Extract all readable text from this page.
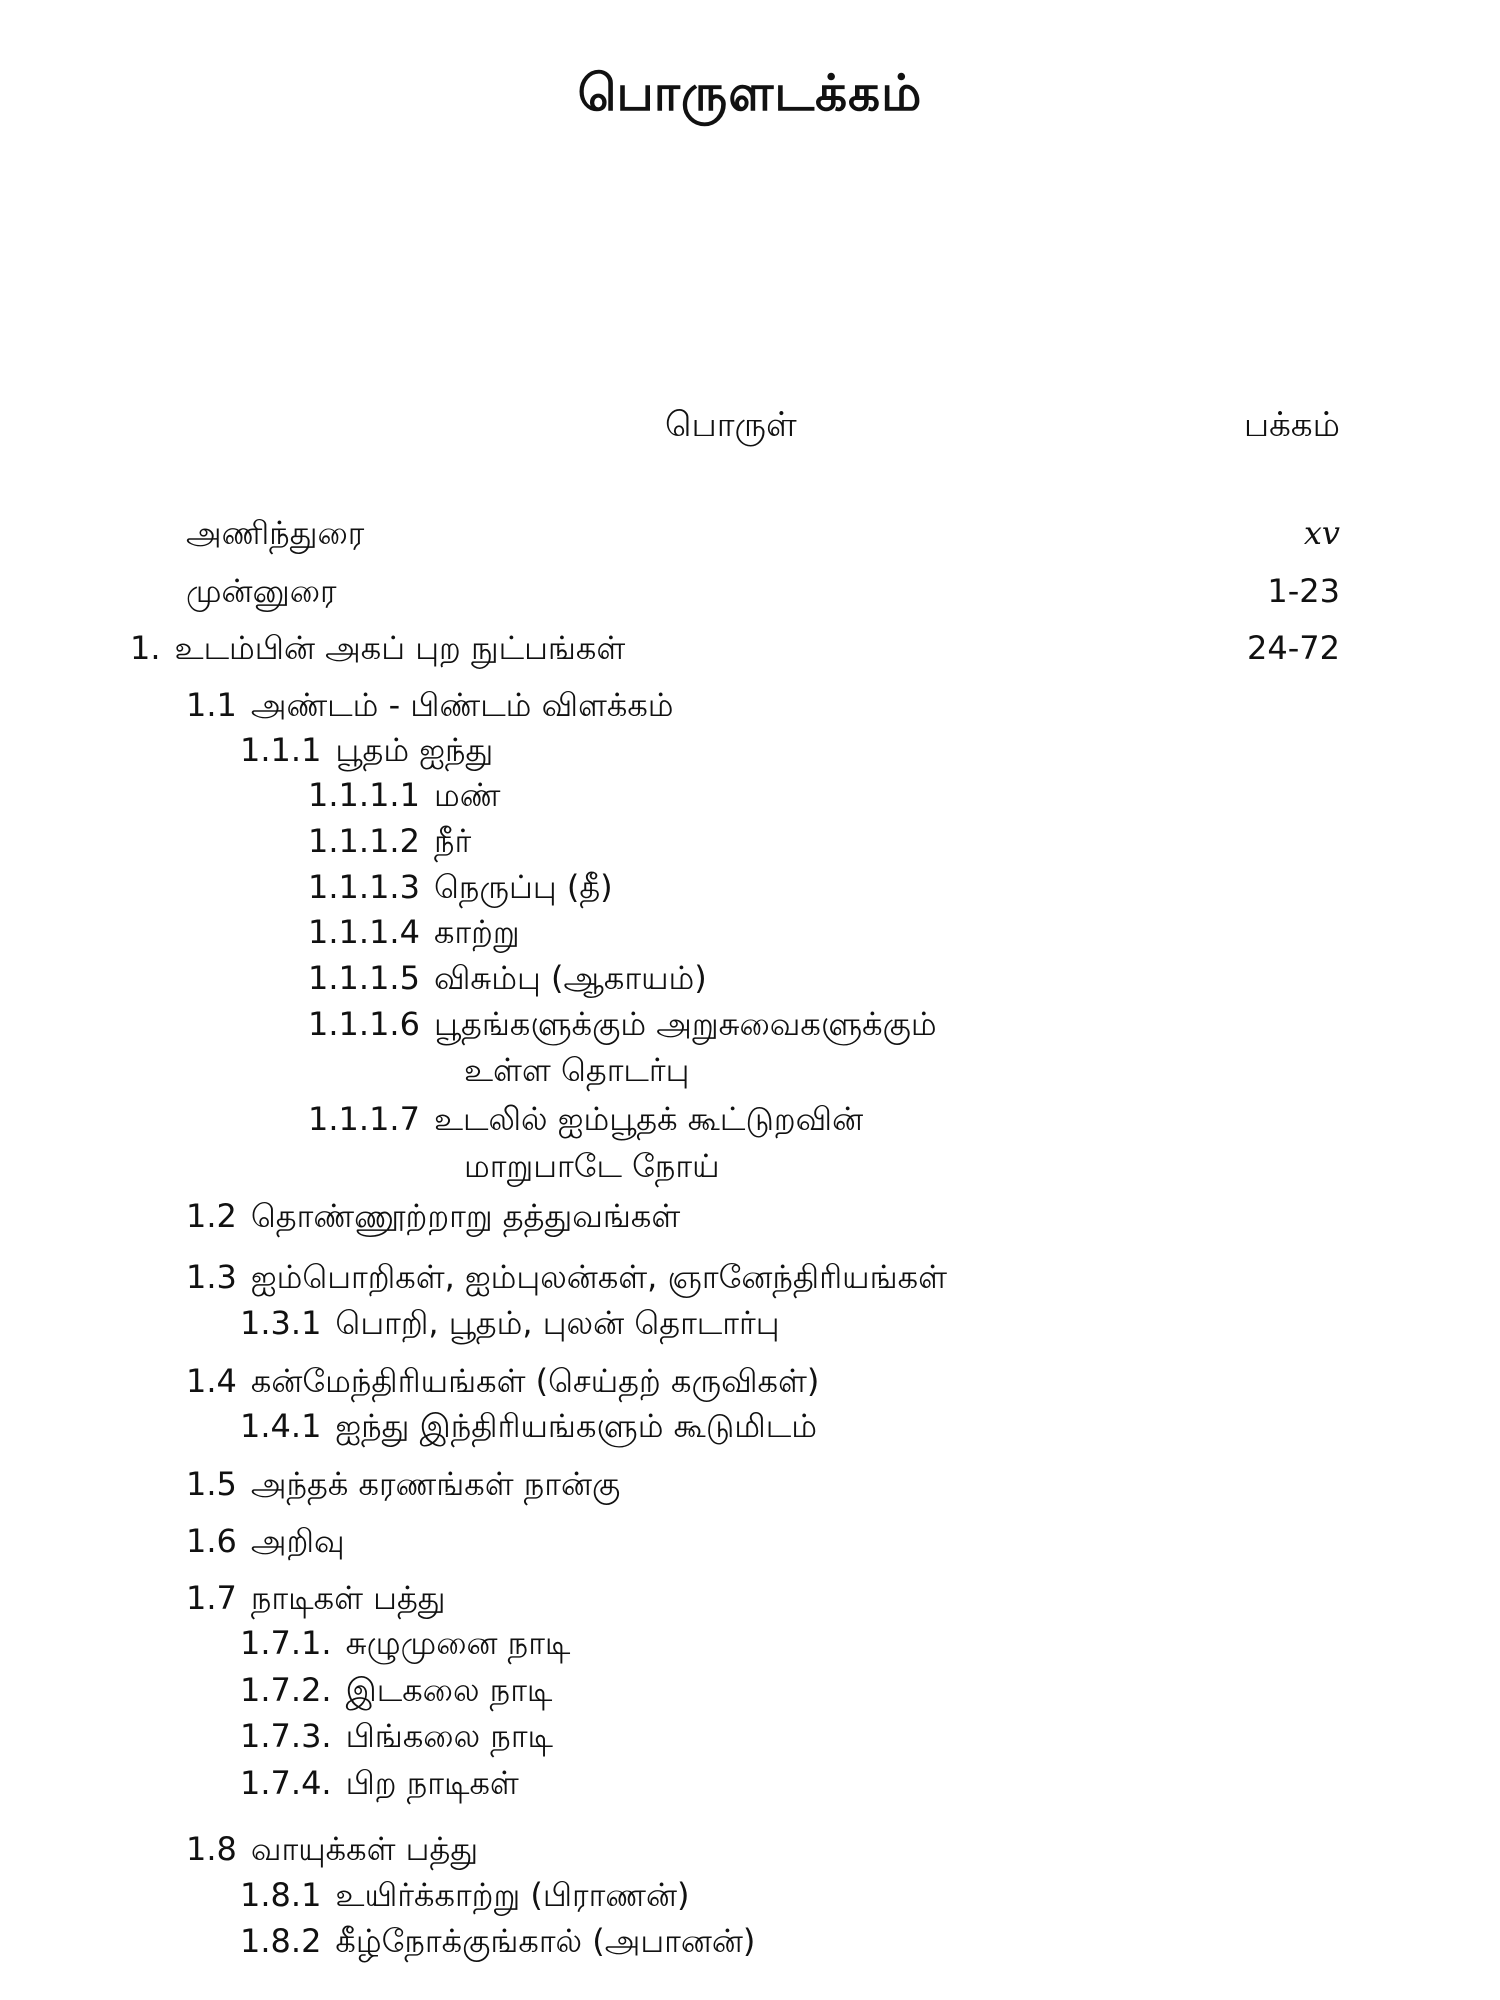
பொருளடக்கம்
பொருள்	பக்கம்
அணிந்துரை	xv
முன்னுரை	1-23
1. உடம்பின் அகப் புற நுட்பங்கள்	24-72
1.1 அண்டம் - பிண்டம் விளக்கம்
1.1.1 பூதம் ஐந்து
1.1.1.1 மண்
1.1.1.2 நீர்
1.1.1.3 நெருப்பு (தீ)
1.1.1.4 காற்று
1.1.1.5 விசும்பு (ஆகாயம்)
1.1.1.6 பூதங்களுக்கும் அறுசுவைகளுக்கும்
உள்ள தொடர்பு
1.1.1.7 உடலில் ஐம்பூதக் கூட்டுறவின்
மாறுபாடே நோய்
1.2 தொண்ணூற்றாறு தத்துவங்கள்
1.3 ஐம்பொறிகள், ஐம்புலன்கள், ஞானேந்திரியங்கள்
1.3.1 பொறி, பூதம், புலன் தொடார்பு
1.4 கன்மேந்திரியங்கள் (செய்தற் கருவிகள்)
1.4.1 ஐந்து இந்திரியங்களும் கூடுமிடம்
1.5 அந்தக் கரணங்கள் நான்கு
1.6 அறிவு
1.7 நாடிகள் பத்து
1.7.1. சுழுமுனை நாடி
1.7.2. இடகலை நாடி
1.7.3. பிங்கலை நாடி
1.7.4. பிற நாடிகள்
1.8 வாயுக்கள் பத்து
1.8.1 உயிர்க்காற்று (பிராணன்)
1.8.2 கீழ்நோக்குங்கால் (அபானன்)
